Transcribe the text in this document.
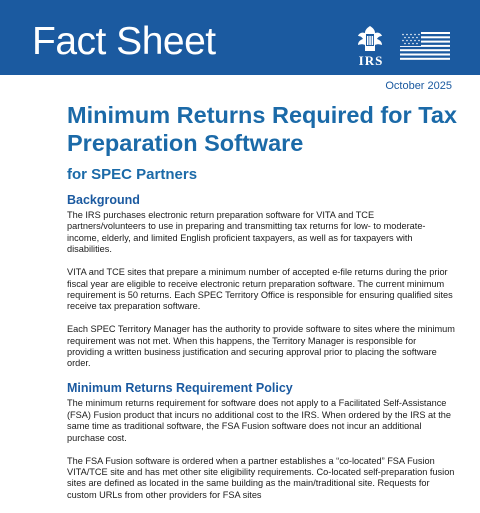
Fact Sheet	IRS
October 2025
Minimum Returns Required for Tax Preparation Software
for SPEC Partners
Background

The IRS purchases electronic return preparation software for VITA and TCE partners/volunteers to use in preparing and transmitting tax returns for low- to moderate-income, elderly, and limited English proficient taxpayers, as well as for taxpayers with disabilities.

VITA and TCE sites that prepare a minimum number of accepted e-file returns during the prior fiscal year are eligible to receive electronic return preparation software. The current minimum requirement is 50 returns. Each SPEC Territory Office is responsible for ensuring qualified sites receive tax preparation software.

Each SPEC Territory Manager has the authority to provide software to sites where the minimum requirement was not met. When this happens, the Territory Manager is responsible for providing a written business justification and securing approval prior to placing the software order.

Minimum Returns Requirement Policy

The minimum returns requirement for software does not apply to a Facilitated Self-Assistance (FSA) Fusion product that incurs no additional cost to the IRS. When ordered by the IRS at the same time as traditional software, the FSA Fusion software does not incur an additional purchase cost.

The FSA Fusion software is ordered when a partner establishes a “co-located” FSA Fusion VITA/TCE site and has met other site eligibility requirements. Co-located self-preparation fusion sites are defined as located in the same building as the main/traditional site. Requests for custom URLs from other providers for FSA sites
